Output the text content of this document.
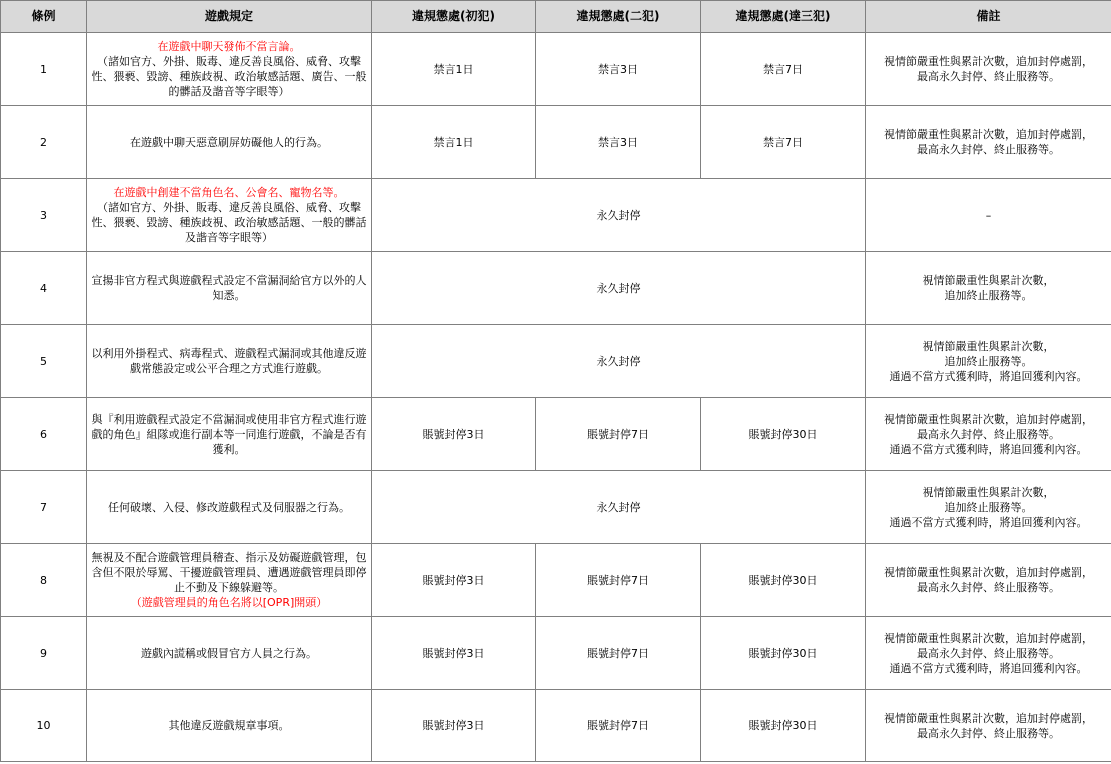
條例	遊戲規定	違規懲處(初犯)	違規懲處(二犯)	違規懲處(達三犯)	備註
1	在遊戲中聊天發佈不當言論。
（諸如官方、外掛、販毒、違反善良風俗、威脅、攻擊性、猥褻、毀謗、種族歧視、政治敏感話題、廣告、一般的髒話及諧音等字眼等）	禁言1日	禁言3日	禁言7日	視情節嚴重性與累計次數，追加封停處罰，
最高永久封停、終止服務等。

2	在遊戲中聊天惡意刷屏妨礙他人的行為。	禁言1日	禁言3日	禁言7日	視情節嚴重性與累計次數，追加封停處罰，
最高永久封停、終止服務等。

3	在遊戲中創建不當角色名、公會名、寵物名等。
（諸如官方、外掛、販毒、違反善良風俗、威脅、攻擊性、猥褻、毀謗、種族歧視、政治敏感話題、一般的髒話及諧音等字眼等）	永久封停			–

4	宣揚非官方程式與遊戲程式設定不當漏洞給官方以外的人知悉。	永久封停			視情節嚴重性與累計次數，
追加終止服務等。

5	以利用外掛程式、病毒程式、遊戲程式漏洞或其他違反遊戲常態設定或公平合理之方式進行遊戲。	永久封停			視情節嚴重性與累計次數，
追加終止服務等。
通過不當方式獲利時，將追回獲利內容。

6	與『利用遊戲程式設定不當漏洞或使用非官方程式進行遊戲的角色』組隊或進行副本等一同進行遊戲，不論是否有獲利。	賬號封停3日	賬號封停7日	賬號封停30日	視情節嚴重性與累計次數，追加封停處罰，
最高永久封停、終止服務等。
通過不當方式獲利時，將追回獲利內容。

7	任何破壞、入侵、修改遊戲程式及伺服器之行為。	永久封停			視情節嚴重性與累計次數，
追加終止服務等。
通過不當方式獲利時，將追回獲利內容。

8	無視及不配合遊戲管理員稽查、指示及妨礙遊戲管理，包含但不限於辱罵、干擾遊戲管理員、遭遇遊戲管理員即停止不動及下線躲避等。
（遊戲管理員的角色名將以[OPR]開頭）	賬號封停3日	賬號封停7日	賬號封停30日	視情節嚴重性與累計次數，追加封停處罰，
最高永久封停、終止服務等。

9	遊戲內謊稱或假冒官方人員之行為。	賬號封停3日	賬號封停7日	賬號封停30日	視情節嚴重性與累計次數，追加封停處罰，
最高永久封停、終止服務等。
通過不當方式獲利時，將追回獲利內容。

10	其他違反遊戲規章事項。	賬號封停3日	賬號封停7日	賬號封停30日	視情節嚴重性與累計次數，追加封停處罰，
最高永久封停、終止服務等。
